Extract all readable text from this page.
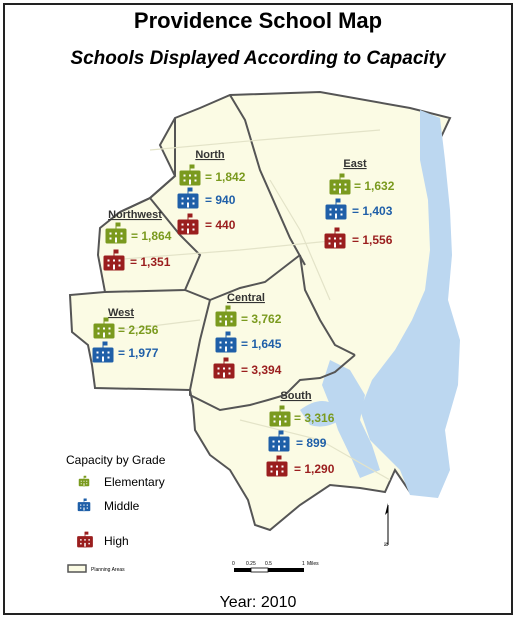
Providence School Map
Schools Displayed According to Capacity
North
East
Northwest
West
Central
South
= 1,842
= 940
= 440
= 1,632
= 1,403
= 1,556
= 1,864
= 1,351
= 2,256
= 1,977
= 3,762
= 1,645
= 3,394
= 3,316
= 899
= 1,290
Capacity by Grade
Elementary
Middle
High
Planning Areas
0 0.25 0.5	1 Miles
N
Year: 2010
